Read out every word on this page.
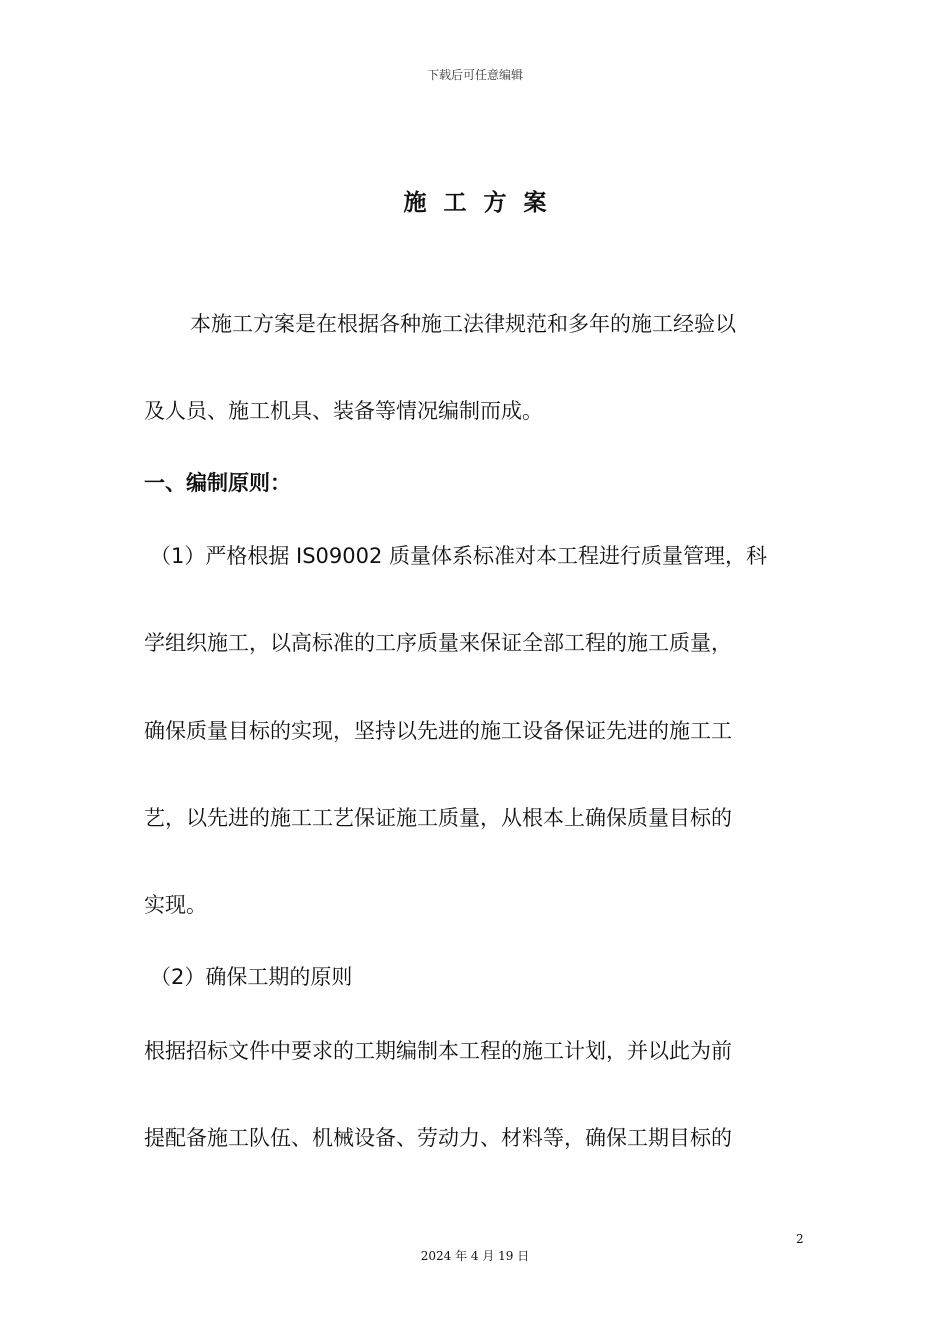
下载后可任意编辑
施工方案
本施工方案是在根据各种施工法律规范和多年的施工经验以
及人员、施工机具、装备等情况编制而成。
一、编制原则：
（1）严格根据 IS09002 质量体系标准对本工程进行质量管理，科
学组织施工，以高标准的工序质量来保证全部工程的施工质量，
确保质量目标的实现，坚持以先进的施工设备保证先进的施工工
艺，以先进的施工工艺保证施工质量，从根本上确保质量目标的
实现。
（2）确保工期的原则
根据招标文件中要求的工期编制本工程的施工计划，并以此为前
提配备施工队伍、机械设备、劳动力、材料等，确保工期目标的
2
2024 年 4 月 19 日
